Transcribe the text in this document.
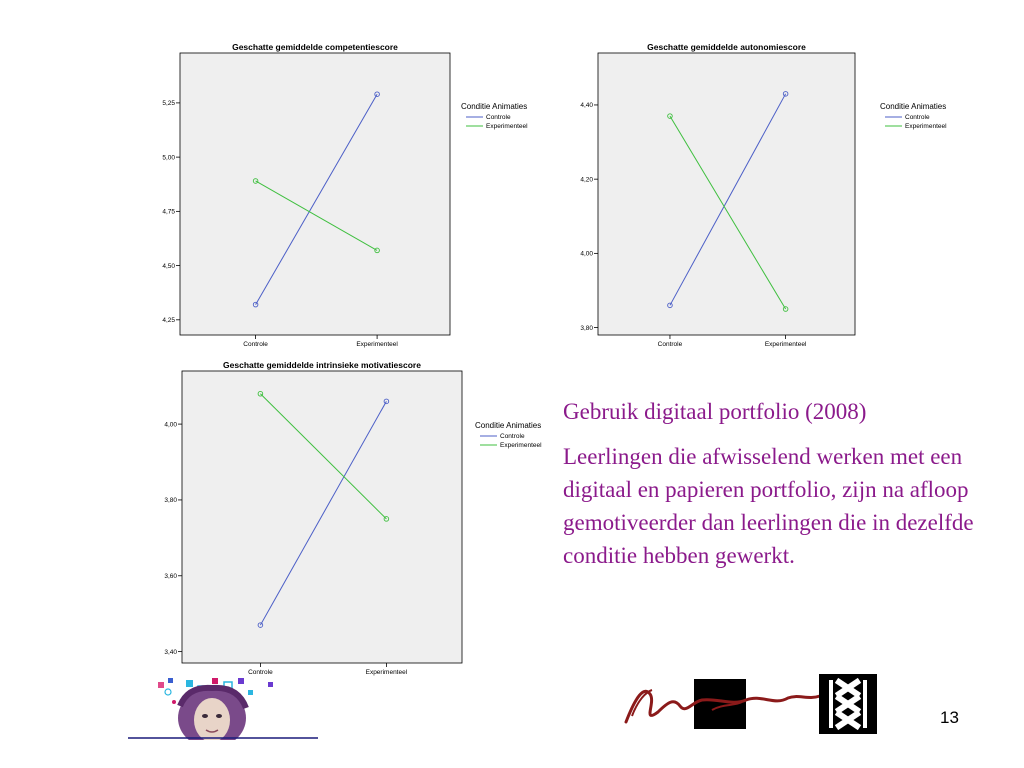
Geschatte gemiddelde competentiescore
4,25
4,50
4,75
5,00
5,25
Controle	Experimenteel
Conditie Animaties
Controle
Experimenteel
Geschatte gemiddelde autonomiescore
3,80
4,00
4,20
4,40
Controle	Experimenteel
Conditie Animaties
Controle
Experimenteel
Geschatte gemiddelde intrinsieke motivatiescore
3,40
3,60
3,80
4,00
Controle	Experimenteel
Conditie Animaties
Controle
Experimenteel

Gebruik digitaal portfolio (2008)

Leerlingen die afwisselend werken met een digitaal en papieren portfolio, zijn na afloop gemotiveerder dan leerlingen die in dezelfde conditie hebben gewerkt.

13
